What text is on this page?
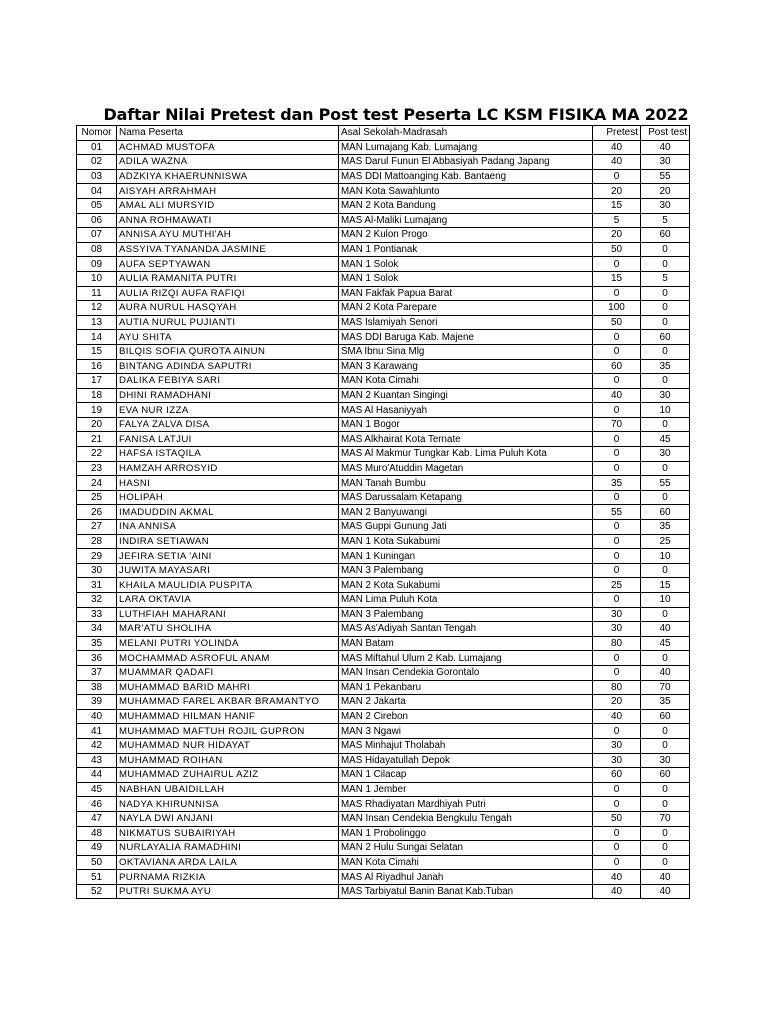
Daftar Nilai Pretest dan Post test Peserta LC KSM FISIKA MA 2022
Nomor	Nama Peserta	Asal Sekolah-Madrasah	Pretest	Post test
01	ACHMAD MUSTOFA	MAN Lumajang Kab. Lumajang	40	40
02	ADILA WAZNA	MAS Darul Funun El Abbasiyah Padang Japang	40	30
03	ADZKIYA KHAERUNNISWA	MAS DDI Mattoanging Kab. Bantaeng	0	55
04	AISYAH ARRAHMAH	MAN Kota Sawahlunto	20	20
05	AMAL ALI MURSYID	MAN 2 Kota Bandung	15	30
06	ANNA ROHMAWATI	MAS Al-Maliki Lumajang	5	5
07	ANNISA AYU MUTHI'AH	MAN 2 Kulon Progo	20	60
08	ASSYIVA TYANANDA JASMINE	MAN 1 Pontianak	50	0
09	AUFA SEPTYAWAN	MAN 1 Solok	0	0
10	AULIA RAMANITA PUTRI	MAN 1 Solok	15	5
11	AULIA RIZQI AUFA RAFIQI	MAN Fakfak Papua Barat	0	0
12	AURA NURUL HASQYAH	MAN 2 Kota Parepare	100	0
13	AUTIA NURUL PUJIANTI	MAS Islamiyah Senori	50	0
14	AYU SHITA	MAS DDI Baruga Kab. Majene	0	60
15	BILQIS SOFIA QUROTA AINUN	SMA Ibnu Sina Mlg	0	0
16	BINTANG ADINDA SAPUTRI	MAN 3 Karawang	60	35
17	DALIKA FEBIYA SARI	MAN Kota Cimahi	0	0
18	DHINI RAMADHANI	MAN 2 Kuantan Singingi	40	30
19	EVA NUR IZZA	MAS Al Hasaniyyah	0	10
20	FALYA ZALVA DISA	MAN 1 Bogor	70	0
21	FANISA LATJUI	MAS Alkhairat Kota Ternate	0	45
22	HAFSA ISTAQILA	MAS Al Makmur Tungkar Kab. Lima Puluh Kota	0	30
23	HAMZAH ARROSYID	MAS Muro'Atuddin Magetan	0	0
24	HASNI	MAN Tanah Bumbu	35	55
25	HOLIPAH	MAS Darussalam Ketapang	0	0
26	IMADUDDIN AKMAL	MAN 2 Banyuwangi	55	60
27	INA ANNISA	MAS Guppi Gunung Jati	0	35
28	INDIRA SETIAWAN	MAN 1 Kota Sukabumi	0	25
29	JEFIRA SETIA 'AINI	MAN 1 Kuningan	0	10
30	JUWITA MAYASARI	MAN 3 Palembang	0	0
31	KHAILA MAULIDIA PUSPITA	MAN 2 Kota Sukabumi	25	15
32	LARA OKTAVIA	MAN Lima Puluh Kota	0	10
33	LUTHFIAH MAHARANI	MAN 3 Palembang	30	0
34	MAR'ATU SHOLIHA	MAS As'Adiyah Santan Tengah	30	40
35	MELANI PUTRI YOLINDA	MAN Batam	80	45
36	MOCHAMMAD ASROFUL ANAM	MAS Miftahul Ulum 2 Kab. Lumajang	0	0
37	MUAMMAR QADAFI	MAN Insan Cendekia Gorontalo	0	40
38	MUHAMMAD BARID MAHRI	MAN 1 Pekanbaru	80	70
39	MUHAMMAD FAREL AKBAR BRAMANTYO	MAN 2 Jakarta	20	35
40	MUHAMMAD HILMAN HANIF	MAN 2 Cirebon	40	60
41	MUHAMMAD MAFTUH ROJIL GUPRON	MAN 3 Ngawi	0	0
42	MUHAMMAD NUR HIDAYAT	MAS Minhajut Tholabah	30	0
43	MUHAMMAD ROIHAN	MAS Hidayatullah Depok	30	30
44	MUHAMMAD ZUHAIRUL AZIZ	MAN 1 Cilacap	60	60
45	NABHAN UBAIDILLAH	MAN 1 Jember	0	0
46	NADYA KHIRUNNISA	MAS Rhadiyatan Mardhiyah Putri	0	0
47	NAYLA DWI ANJANI	MAN Insan Cendekia Bengkulu Tengah	50	70
48	NIKMATUS SUBAIRIYAH	MAN 1 Probolinggo	0	0
49	NURLAYALIA RAMADHINI	MAN 2 Hulu Sungai Selatan	0	0
50	OKTAVIANA ARDA LAILA	MAN Kota Cimahi	0	0
51	PURNAMA RIZKIA	MAS Al Riyadhul Janah	40	40
52	PUTRI SUKMA AYU	MAS Tarbiyatul Banin Banat Kab.Tuban	40	40
